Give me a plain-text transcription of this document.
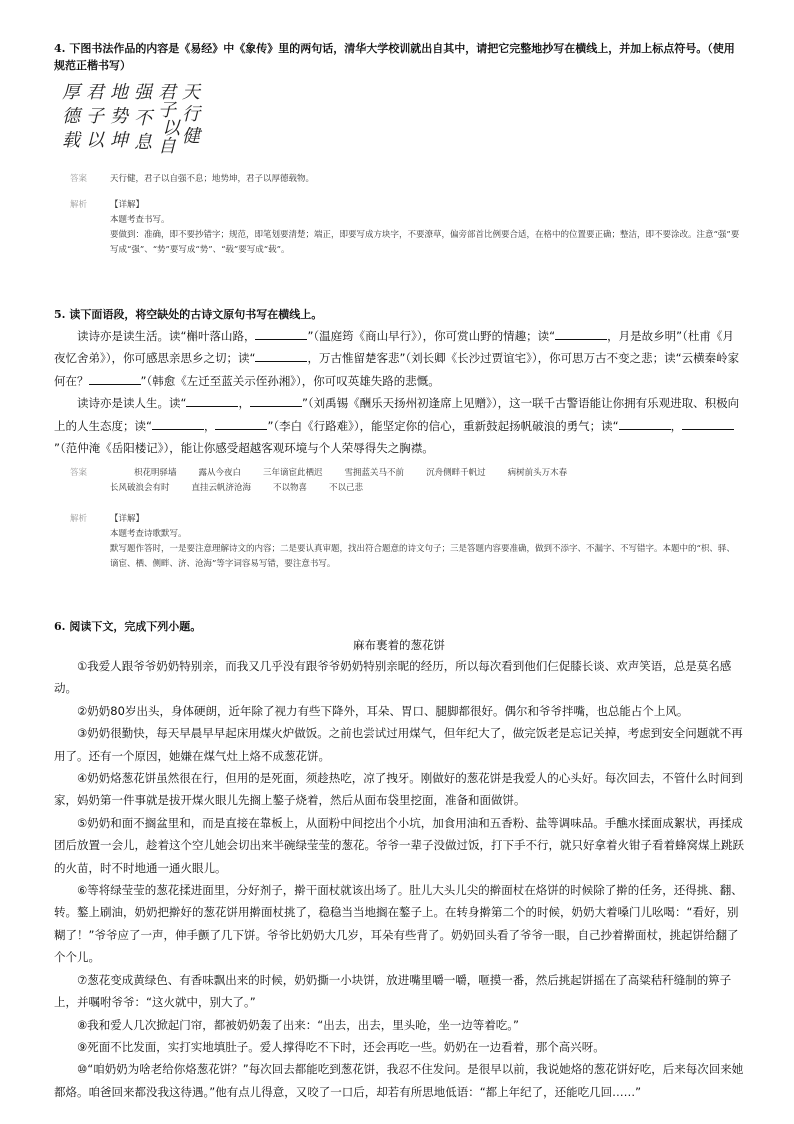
4. 下图书法作品的内容是《易经》中《象传》里的两句话，清华大学校训就出自其中，请把它完整地抄写在横线上，并加上标点符号。（使用规范正楷书写）
天
行
健
君
子
以
自
强
不
息
地
势
坤
君
子
以
厚
德
载
答案	天行健，君子以自强不息；地势坤，君子以厚德载物。
解析	【详解】
本题考查书写。
要做到：准确，即不要抄错字；规范，即笔划要清楚；端正，即要写成方块字，不要潦草，偏旁部首比例要合适，在格中的位置要正确；整洁，即不要涂改。注意“强”要写成“强”、“势”要写成“势”、“载”要写成“载”。
5. 读下面语段，将空缺处的古诗文原句书写在横线上。

读诗亦是读生活。读“槲叶落山路，	”（温庭筠《商山早行》），你可赏山野的情趣；读“	，月是故乡明”（杜甫《月夜忆舍弟》），你可感思亲思乡之切；读“	，万古惟留楚客悲”（刘长卿《长沙过贾谊宅》），你可思万古不变之悲；读“云横秦岭家何在？	”（韩愈《左迁至蓝关示侄孙湘》），你可叹英雄失路的悲慨。

读诗亦是读人生。读“	，	”（刘禹锡《酬乐天扬州初逢席上见赠》），这一联千古警语能让你拥有乐观进取、积极向上的人生态度；读“	，	”（李白《行路难》），能坚定你的信心，重新鼓起扬帆破浪的勇气；读“	，”（范仲淹《岳阳楼记》），能让你感受超越客观环境与个人荣辱得失之胸襟。

答案	枳花明驿墙	露从今夜白	三年谪宦此栖迟	雪拥蓝关马不前	沉舟侧畔千帆过	病树前头万木春
长风破浪会有时	直挂云帆济沧海	不以物喜	不以己悲
解析	【详解】
本题考查诗歌默写。
默写题作答时，一是要注意理解诗文的内容；二是要认真审题，找出符合题意的诗文句子；三是答题内容要准确，做到不添字、不漏字、不写错字。本题中的“枳、驿、谪宦、栖、侧畔、济、沧海”等字词容易写错，要注意书写。
6. 阅读下文，完成下列小题。

麻布裹着的葱花饼

①我爱人跟爷爷奶奶特别亲，而我又几乎没有跟爷爷奶奶特别亲昵的经历，所以每次看到他们仨促膝长谈、欢声笑语，总是莫名感动。

②奶奶80岁出头，身体硬朗，近年除了视力有些下降外，耳朵、胃口、腿脚都很好。偶尔和爷爷拌嘴，也总能占个上风。

③奶奶很勤快，每天早晨早早起床用煤火炉做饭。之前也尝试过用煤气，但年纪大了，做完饭老是忘记关掉，考虑到安全问题就不再用了。还有一个原因，她嫌在煤气灶上烙不成葱花饼。

④奶奶烙葱花饼虽然很在行，但用的是死面，须趁热吃，凉了拽牙。刚做好的葱花饼是我爱人的心头好。每次回去，不管什么时间到家，妈奶第一件事就是拔开煤火眼儿先搁上鏊子烧着，然后从面布袋里挖面，准备和面做饼。

⑤奶奶和面不搁盆里和，而是直接在靠板上，从面粉中间挖出个小坑，加食用油和五香粉、盐等调味品。手醮水揉面成絮状，再揉成团后放置一会儿，趁着这个空儿她会切出来半碗绿莹莹的葱花。爷爷一辈子没做过饭，打下手不行，就只好拿着火钳子看着蜂窝煤上跳跃的火苗，时不时地通一通火眼儿。

⑥等将绿莹莹的葱花揉进面里，分好剂子，擀干面杖就该出场了。肚儿大头儿尖的擀面杖在烙饼的时候除了擀的任务，还得挑、翻、转。鏊上刷油，奶奶把擀好的葱花饼用擀面杖挑了，稳稳当当地搁在鏊子上。在转身擀第二个的时候，奶奶大着嗓门儿吆喝：“看好，别糊了！”爷爷应了一声，伸手颤了几下饼。爷爷比奶奶大几岁，耳朵有些背了。奶奶回头看了爷爷一眼，自己抄着擀面杖，挑起饼给翻了个个儿。

⑦葱花变成黄绿色、有香味飘出来的时候，奶奶撕一小块饼，放进嘴里嚼一嚼，咂摸一番，然后挑起饼摇在了高粱秸秆缝制的箅子上，并嘱咐爷爷：“这火就中，别大了。”

⑧我和爱人几次掀起门帘，都被奶奶轰了出来：“出去，出去，里头呛，坐一边等着吃。”

⑨死面不比发面，实打实地填肚子。爱人撑得吃不下时，还会再吃一些。奶奶在一边看着，那个高兴呀。

⑩“咱奶奶为啥老给你烙葱花饼？”每次回去都能吃到葱花饼，我忍不住发问。是很早以前，我说她烙的葱花饼好吃，后来每次回来她都烙。咱爸回来都没我这待遇。”他有点儿得意，又咬了一口后，却若有所思地低语：“都上年纪了，还能吃几回……”
